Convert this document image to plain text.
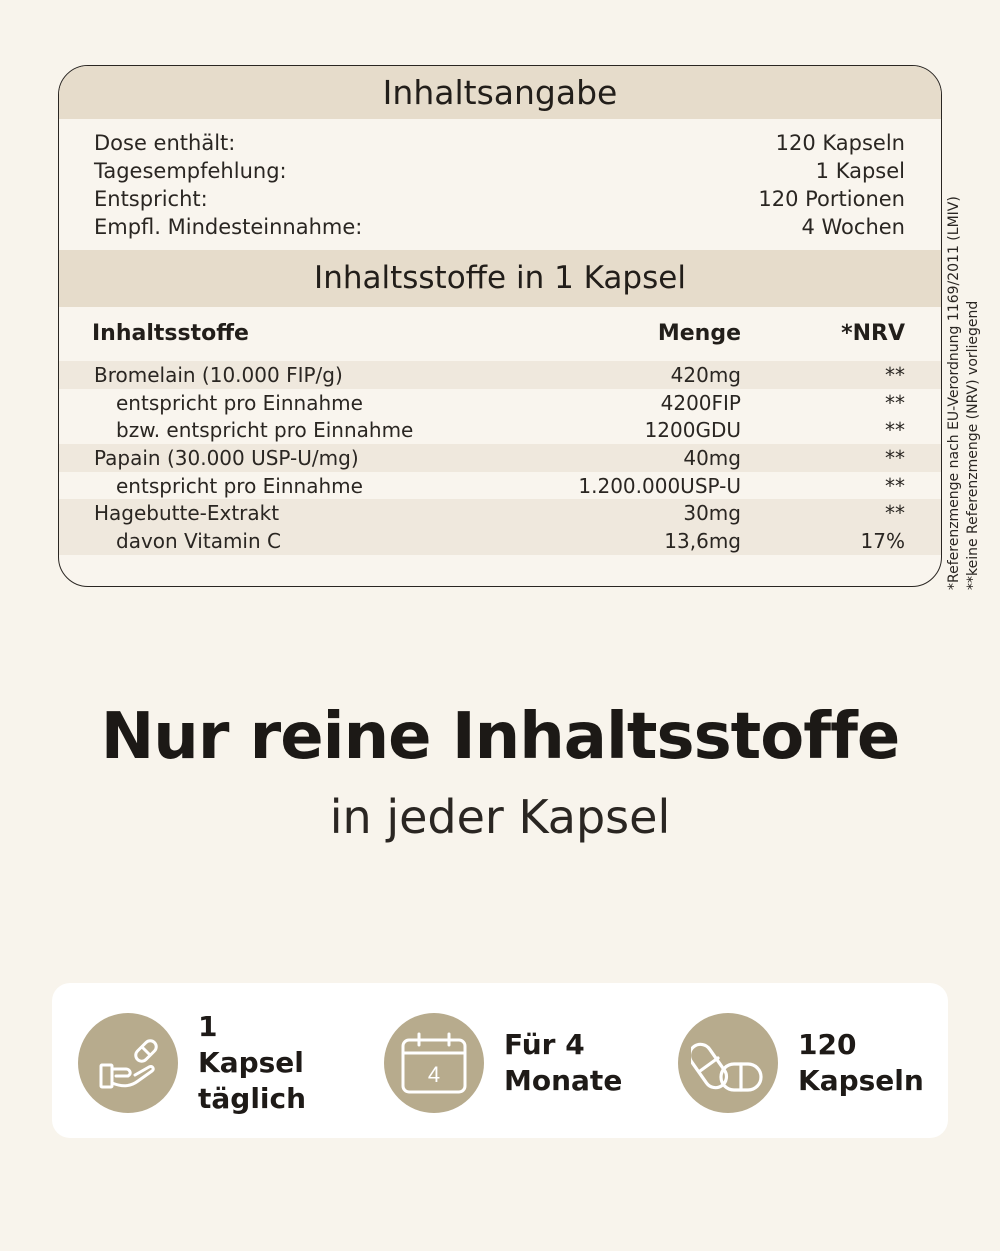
Inhaltsangabe
Dose enthält:	120 Kapseln
Tagesempfehlung:	1 Kapsel
Entspricht:	120 Portionen
Empfl. Mindesteinnahme:	4 Wochen
Inhaltsstoffe in 1 Kapsel
Inhaltsstoffe	Menge	*NRV
Bromelain (10.000 FIP/g)	420mg	**
entspricht pro Einnahme	4200FIP	**
bzw. entspricht pro Einnahme	1200GDU	**
Papain (30.000 USP-U/mg)	40mg	**
entspricht pro Einnahme	1.200.000USP-U	**
Hagebutte-Extrakt	30mg	**
davon Vitamin C	13,6mg	17%	*Referenzmenge nach EU-Verordnung 1169/2011 (LMIV) **keine Referenzmenge (NRV) vorliegend
Nur reine Inhaltsstoffe
in jeder Kapsel
1 Kapsel
täglich
4
Für 4
Monate
120
Kapseln
